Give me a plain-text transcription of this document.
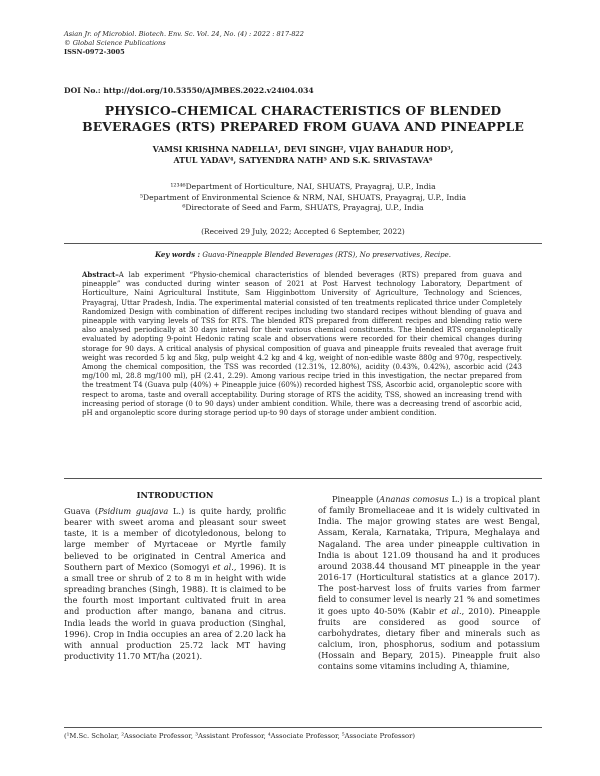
Asian Jr. of Microbiol. Biotech. Env. Sc. Vol. 24, No. (4) : 2022 : 817-822
© Global Science Publications
ISSN-0972-3005
DOI No.: http://doi.org/10.53550/AJMBES.2022.v24i04.034
PHYSICO–CHEMICAL CHARACTERISTICS OF BLENDED
BEVERAGES (RTS) PREPARED FROM GUAVA AND PINEAPPLE
VAMSI KRISHNA NADELLA¹, DEVI SINGH², VIJAY BAHADUR HOD³,
ATUL YADAV⁴, SATYENDRA NATH⁵ AND S.K. SRIVASTAVA⁶
¹²³⁴⁶Department of Horticulture, NAI, SHUATS, Prayagraj, U.P., India
⁵Department of Environmental Science & NRM, NAI, SHUATS, Prayagraj, U.P., India
⁶Directorate of Seed and Farm, SHUATS, Prayagraj, U.P., India
(Received 29 July, 2022; Accepted 6 September, 2022)
Key words : Guava-Pineapple Blended Beverages (RTS), No preservatives, Recipe.
Abstract–A lab experiment “Physio-chemical characteristics of blended beverages (RTS) prepared from guava and pineapple” was conducted during winter season of 2021 at Post Harvest technology Laboratory, Department of Horticulture, Naini Agricultural Institute, Sam Higginbottom University of Agriculture, Technology and Sciences, Prayagraj, Uttar Pradesh, India. The experimental material consisted of ten treatments replicated thrice under Completely Randomized Design with combination of different recipes including two standard recipes without blending of guava and pineapple with varying levels of TSS for RTS. The blended RTS prepared from different recipes and blending ratio were also analysed periodically at 30 days interval for their various chemical constituents. The blended RTS organoleptically evaluated by adopting 9-point Hedonic rating scale and observations were recorded for their chemical changes during storage for 90 days. A critical analysis of physical composition of guava and pineapple fruits revealed that average fruit weight was recorded 5 kg and 5kg, pulp weight 4.2 kg and 4 kg, weight of non-edible waste 880g and 970g, respectively. Among the chemical composition, the TSS was recorded (12.31%, 12.80%), acidity (0.43%, 0.42%), ascorbic acid (243 mg/100 ml, 28.8 mg/100 ml), pH (2.41, 2.29). Among various recipe tried in this investigation, the nectar prepared from the treatment T4 (Guava pulp (40%) + Pineapple juice (60%)) recorded highest TSS, Ascorbic acid, organoleptic score with respect to aroma, taste and overall acceptability. During storage of RTS the acidity, TSS, showed an increasing trend with increasing period of storage (0 to 90 days) under ambient condition. While, there was a decreasing trend of ascorbic acid, pH and organoleptic score during storage period up-to 90 days of storage under ambient condition.
INTRODUCTION

Guava (Psidium guajava L.) is quite hardy, prolific bearer with sweet aroma and pleasant sour sweet taste, it is a member of dicotyledonous, belong to large member of Myrtaceae or Myrtle family believed to be originated in Central America and Southern part of Mexico (Somogyi et al., 1996). It is a small tree or shrub of 2 to 8 m in height with wide spreading branches (Singh, 1988). It is claimed to be the fourth most important cultivated fruit in area and production after mango, banana and citrus. India leads the world in guava production (Singhal, 1996). Crop in India occupies an area of 2.20 lack ha with annual production 25.72 lack MT having productivity 11.70 MT/ha (2021).

Pineapple (Ananas comosus L.) is a tropical plant of family Bromeliaceae and it is widely cultivated in India. The major growing states are west Bengal, Assam, Kerala, Karnataka, Tripura, Meghalaya and Nagaland. The area under pineapple cultivation in India is about 121.09 thousand ha and it produces around 2038.44 thousand MT pineapple in the year 2016-17 (Horticultural statistics at a glance 2017). The post-harvest loss of fruits varies from farmer field to consumer level is nearly 21 % and sometimes it goes upto 40-50% (Kabir et al., 2010). Pineapple fruits are considered as good source of carbohydrates, dietary fiber and minerals such as calcium, iron, phosphorus, sodium and potassium (Hossain and Bepary, 2015). Pineapple fruit also contains some vitamins including A, thiamine,

(¹M.Sc. Scholar, ²Associate Professor, ³Assistant Professor, ⁴Associate Professor, ⁵Associate Professor)
